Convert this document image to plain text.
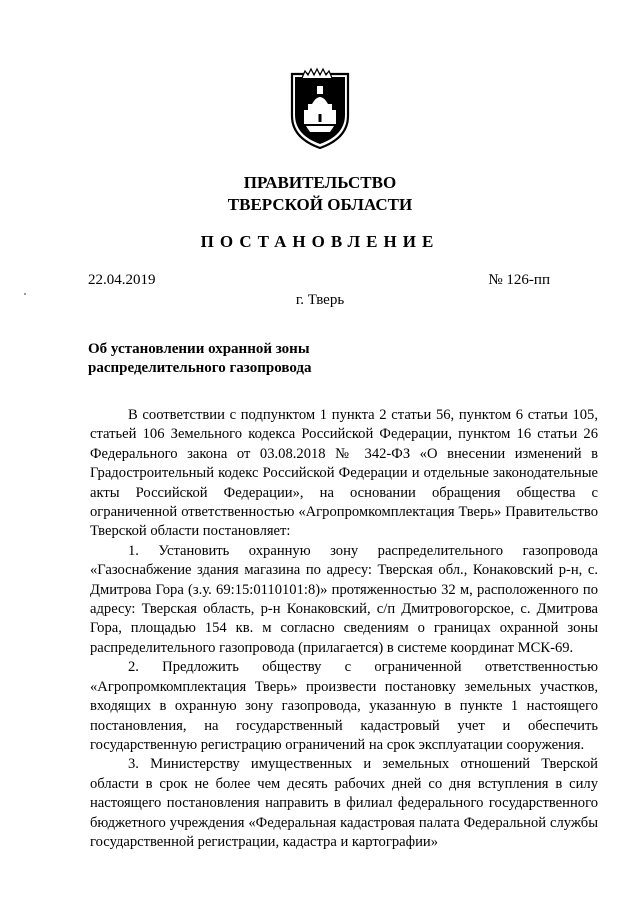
ПРАВИТЕЛЬСТВО
ТВЕРСКОЙ ОБЛАСТИ
ПОСТАНОВЛЕНИЕ
22.04.2019	№ 126-пп
г. Тверь
Об установлении охранной зоны
распределительного газопровода

В соответствии с подпунктом 1 пункта 2 статьи 56, пунктом 6 статьи 105, статьей 106 Земельного кодекса Российской Федерации, пунктом 16 статьи 26 Федерального закона от 03.08.2018 № 342-ФЗ «О внесении изменений в Градостроительный кодекс Российской Федерации и отдельные законодательные акты Российской Федерации», на основании обращения общества с ограниченной ответственностью «Агропромкомплектация Тверь» Правительство Тверской области постановляет:

1. Установить охранную зону распределительного газопровода «Газоснабжение здания магазина по адресу: Тверская обл., Конаковский р-н, с. Дмитрова Гора (з.у. 69:15:0110101:8)» протяженностью 32 м, расположенного по адресу: Тверская область, р-н Конаковский, с/п Дмитровогорское, с. Дмитрова Гора, площадью 154 кв. м согласно сведениям о границах охранной зоны распределительного газопровода (прилагается) в системе координат МСК-69.

2. Предложить обществу с ограниченной ответственностью «Агропромкомплектация Тверь» произвести постановку земельных участков, входящих в охранную зону газопровода, указанную в пункте 1 настоящего постановления, на государственный кадастровый учет и обеспечить государственную регистрацию ограничений на срок эксплуатации сооружения.

3. Министерству имущественных и земельных отношений Тверской области в срок не более чем десять рабочих дней со дня вступления в силу настоящего постановления направить в филиал федерального государственного бюджетного учреждения «Федеральная кадастровая палата Федеральной службы государственной регистрации, кадастра и картографии»
